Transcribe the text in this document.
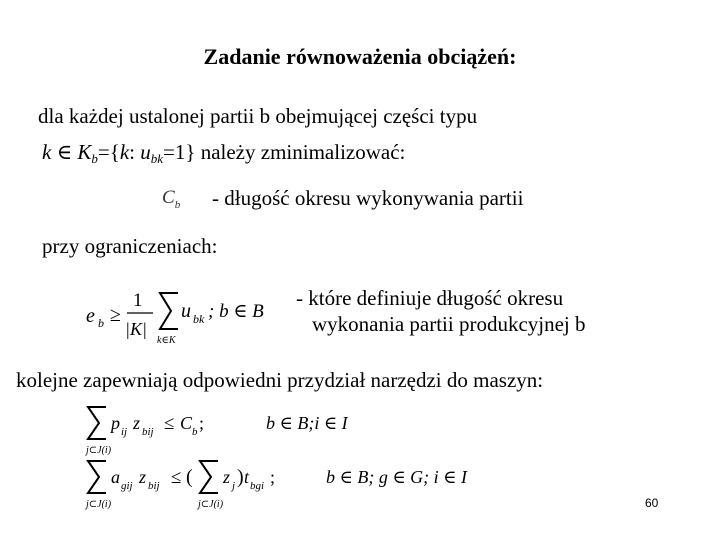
Zadanie równoważenia obciążeń:
dla każdej ustalonej partii b obejmującej części typu
k ∈ Kb={k: ubk=1} należy zminimalizować:
$C_b$ - długość okresu wykonywania partii
przy ograniczeniach:
e b ≥
1
|K|
k∈K
u bk ; b ∈ B
- które definiuje długość okresu
wykonania partii produkcyjnej b
kolejne zapewniają odpowiedni przydział narzędzi do maszyn:
j⊂J(i)
p ij z bij ≤ C b ;	b ∈ B;i ∈ I
j⊂J(i)
a gij z bij ≤ (
j⊂J(i)
z j ) t bgi ;	b ∈ B; g ∈ G; i ∈ I
60
